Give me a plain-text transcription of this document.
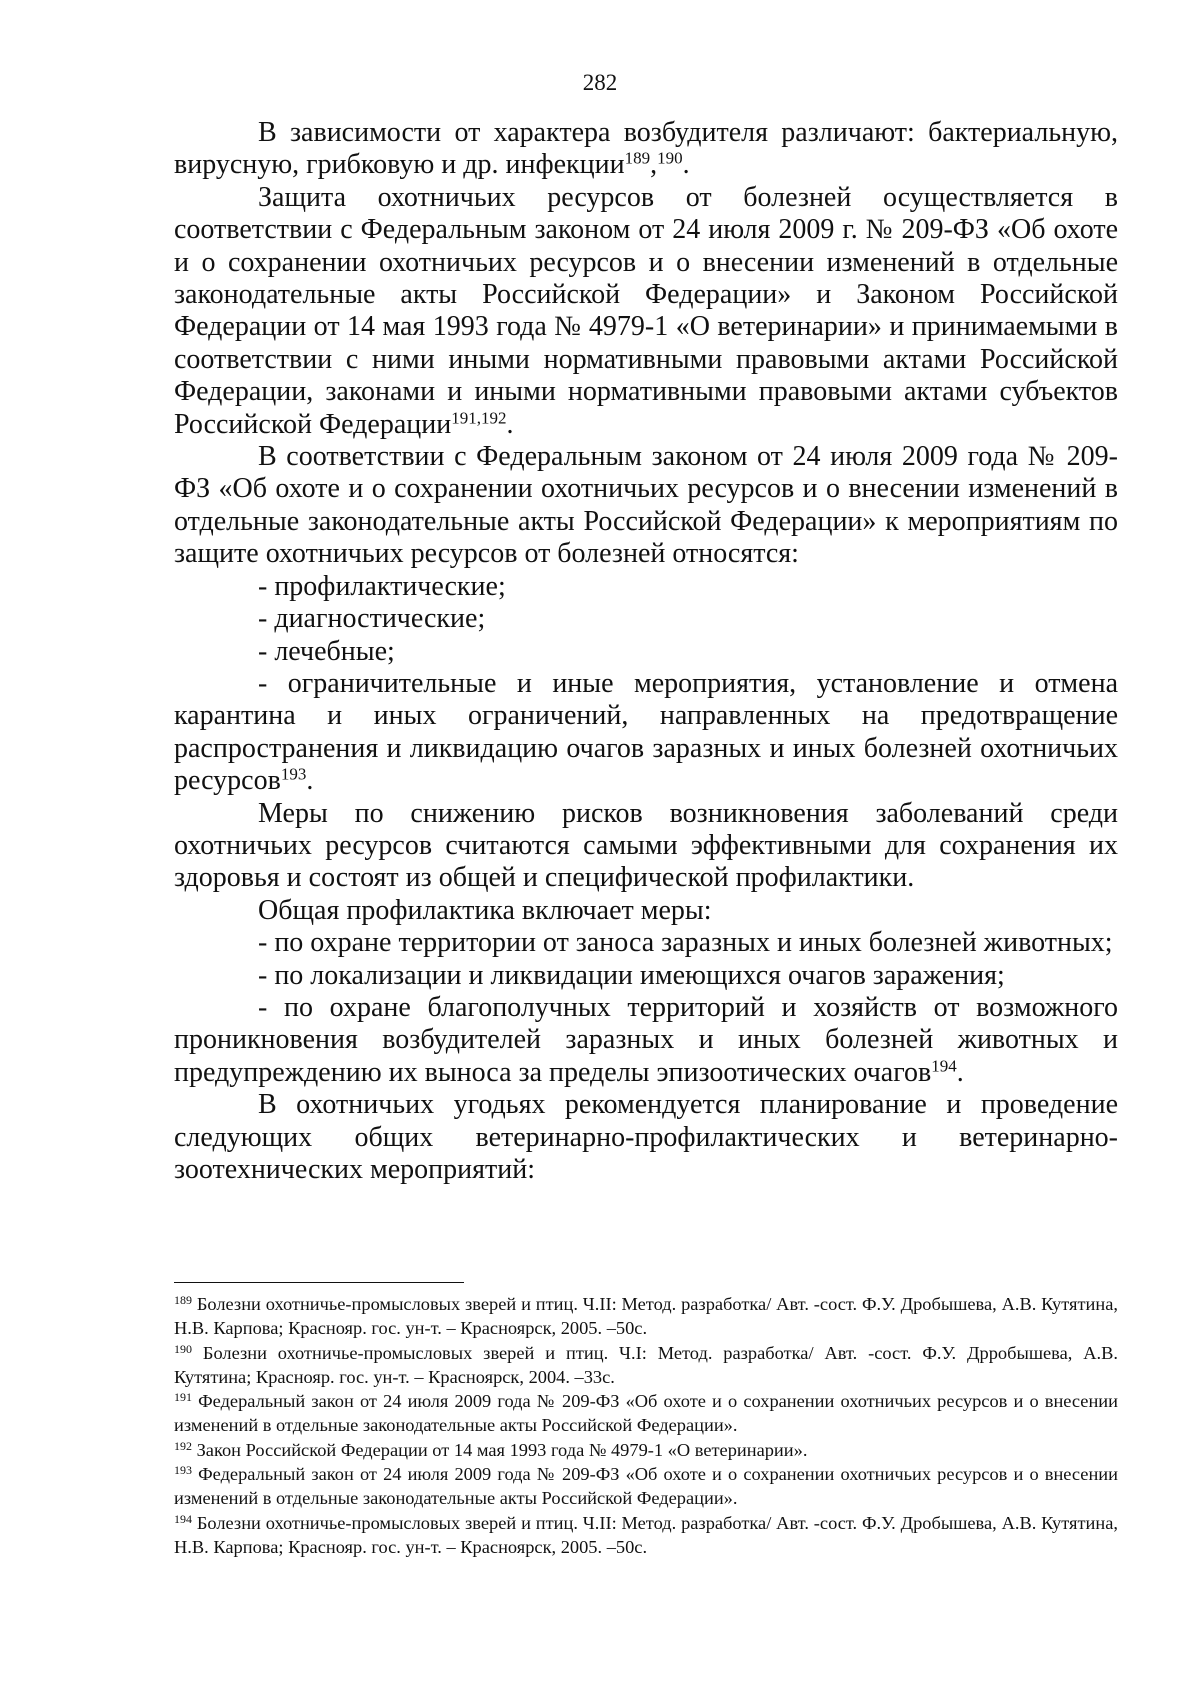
282

В зависимости от характера возбудителя различают: бактериальную, вирусную, грибковую и др. инфекции$^{189}$,$^{190}$.

Защита охотничьих ресурсов от болезней осуществляется в соответствии с Федеральным законом от 24 июля 2009 г. № 209-ФЗ «Об охоте и о сохранении охотничьих ресурсов и о внесении изменений в отдельные законодательные акты Российской Федерации» и Законом Российской Федерации от 14 мая 1993 года № 4979-1 «О ветеринарии» и принимаемыми в соответствии с ними иными нормативными правовыми актами Российской Федерации, законами и иными нормативными правовыми актами субъектов Российской Федерации$^{191,192}$.

В соответствии с Федеральным законом от 24 июля 2009 года № 209-ФЗ «Об охоте и о сохранении охотничьих ресурсов и о внесении изменений в отдельные законодательные акты Российской Федерации» к мероприятиям по защите охотничьих ресурсов от болезней относятся:

- профилактические;

- диагностические;

- лечебные;

- ограничительные и иные мероприятия, установление и отмена карантина и иных ограничений, направленных на предотвращение распространения и ликвидацию очагов заразных и иных болезней охотничьих ресурсов$^{193}$.

Меры по снижению рисков возникновения заболеваний среди охотничьих ресурсов считаются самыми эффективными для сохранения их здоровья и состоят из общей и специфической профилактики.

Общая профилактика включает меры:

- по охране территории от заноса заразных и иных болезней животных;

- по локализации и ликвидации имеющихся очагов заражения;

- по охране благополучных территорий и хозяйств от возможного проникновения возбудителей заразных и иных болезней животных и предупреждению их выноса за пределы эпизоотических очагов$^{194}$.

В охотничьих угодьях рекомендуется планирование и проведение следующих общих ветеринарно-профилактических и ветеринарно-зоотехнических мероприятий:

$^{189}$ Болезни охотничье-промысловых зверей и птиц. Ч.II: Метод. разработка/ Авт. -сост. Ф.У. Дробышева, А.В. Кутятина, Н.В. Карпова; Краснояр. гос. ун-т. – Красноярск, 2005. –50с.

$^{190}$ Болезни охотничье-промысловых зверей и птиц. Ч.I: Метод. разработка/ Авт. -сост. Ф.У. Дрробышева, А.В. Кутятина; Краснояр. гос. ун-т. – Красноярск, 2004. –33с.

$^{191}$ Федеральный закон от 24 июля 2009 года № 209-ФЗ «Об охоте и о сохранении охотничьих ресурсов и о внесении изменений в отдельные законодательные акты Российской Федерации».

$^{192}$ Закон Российской Федерации от 14 мая 1993 года № 4979-1 «О ветеринарии».

$^{193}$ Федеральный закон от 24 июля 2009 года № 209-ФЗ «Об охоте и о сохранении охотничьих ресурсов и о внесении изменений в отдельные законодательные акты Российской Федерации».

$^{194}$ Болезни охотничье-промысловых зверей и птиц. Ч.II: Метод. разработка/ Авт. -сост. Ф.У. Дробышева, А.В. Кутятина, Н.В. Карпова; Краснояр. гос. ун-т. – Красноярск, 2005. –50с.
